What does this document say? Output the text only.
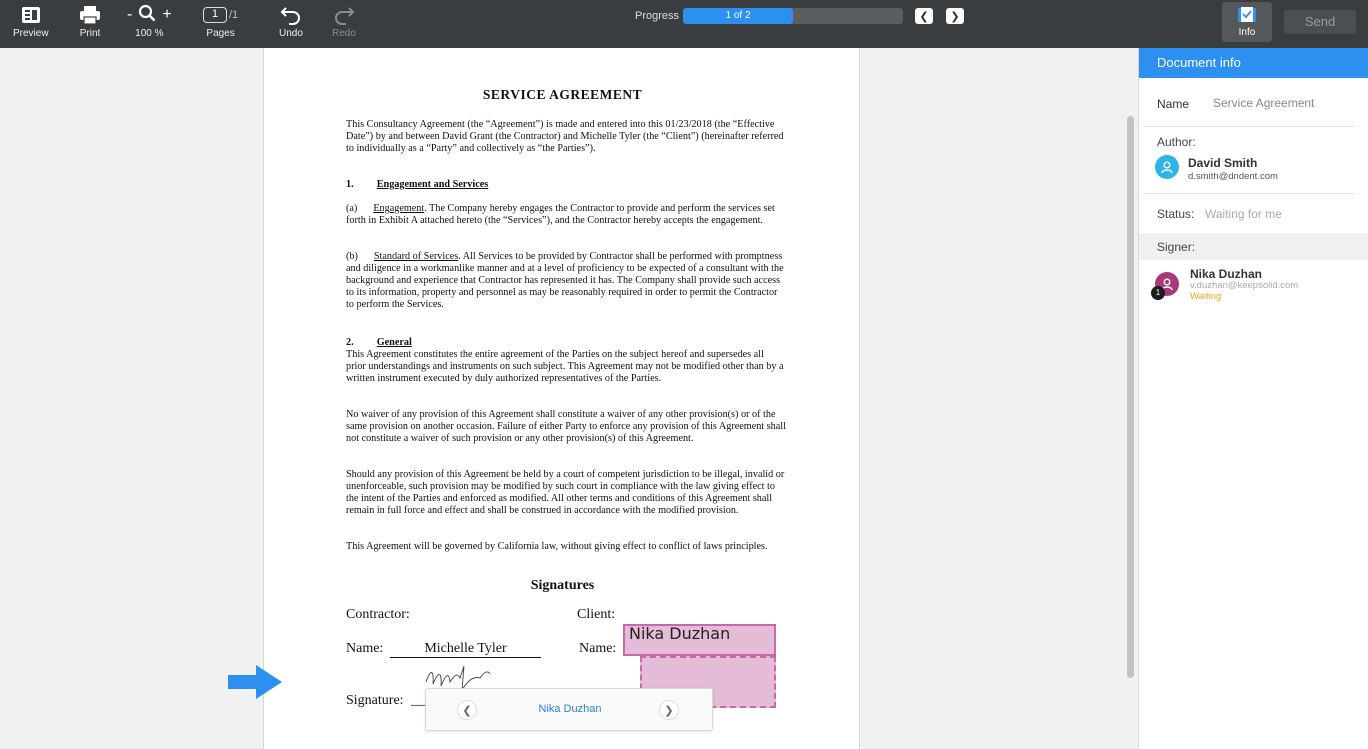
Preview	Print
- +
100 %
1 /1
Pages	Undo	Redo
Progress	1 of 2	❮ ❯
Info
Send
SERVICE AGREEMENT
This Consultancy Agreement (the “Agreement”) is made and entered into this 01/23/2018 (the “Effective Date”) by and between David Grant (the Contractor) and Michelle Tyler (the “Client”) (hereinafter referred to individually as a “Party” and collectively as “the Parties”).
1. Engagement and Services
(a) Engagement. The Company hereby engages the Contractor to provide and perform the services set forth in Exhibit A attached hereto (the “Services”), and the Contractor hereby accepts the engagement.
(b) Standard of Services. All Services to be provided by Contractor shall be performed with promptness and diligence in a workmanlike manner and at a level of proficiency to be expected of a consultant with the background and experience that Contractor has represented it has. The Company shall provide such access to its information, property and personnel as may be reasonably required in order to permit the Contractor to perform the Services.
2. General
This Agreement constitutes the entire agreement of the Parties on the subject hereof and supersedes all prior understandings and instruments on such subject. This Agreement may not be modified other than by a written instrument executed by duly authorized representatives of the Parties.
No waiver of any provision of this Agreement shall constitute a waiver of any other provision(s) or of the same provision on another occasion. Failure of either Party to enforce any provision of this Agreement shall not constitute a waiver of such provision or any other provision(s) of this Agreement.
Should any provision of this Agreement be held by a court of competent jurisdiction to be illegal, invalid or unenforceable, such provision may be modified by such court in compliance with the law giving effect to the intent of the Parties and enforced as modified. All other terms and conditions of this Agreement shall remain in full force and effect and shall be construed in accordance with the modified provision.
This Agreement will be governed by California law, without giving effect to conflict of laws principles.
Signatures
Contractor:	Client:
Name:	Michelle Tyler	Name:
Nika Duzhan
Signature: __
❮	Nika Duzhan	❯
Document info
Name Service Agreement
Author:
David Smith
d.smith@dndent.com
Status: Waiting for me
Signer:
1
Nika Duzhan
v.duzhan@keepsolid.com
Waiting
